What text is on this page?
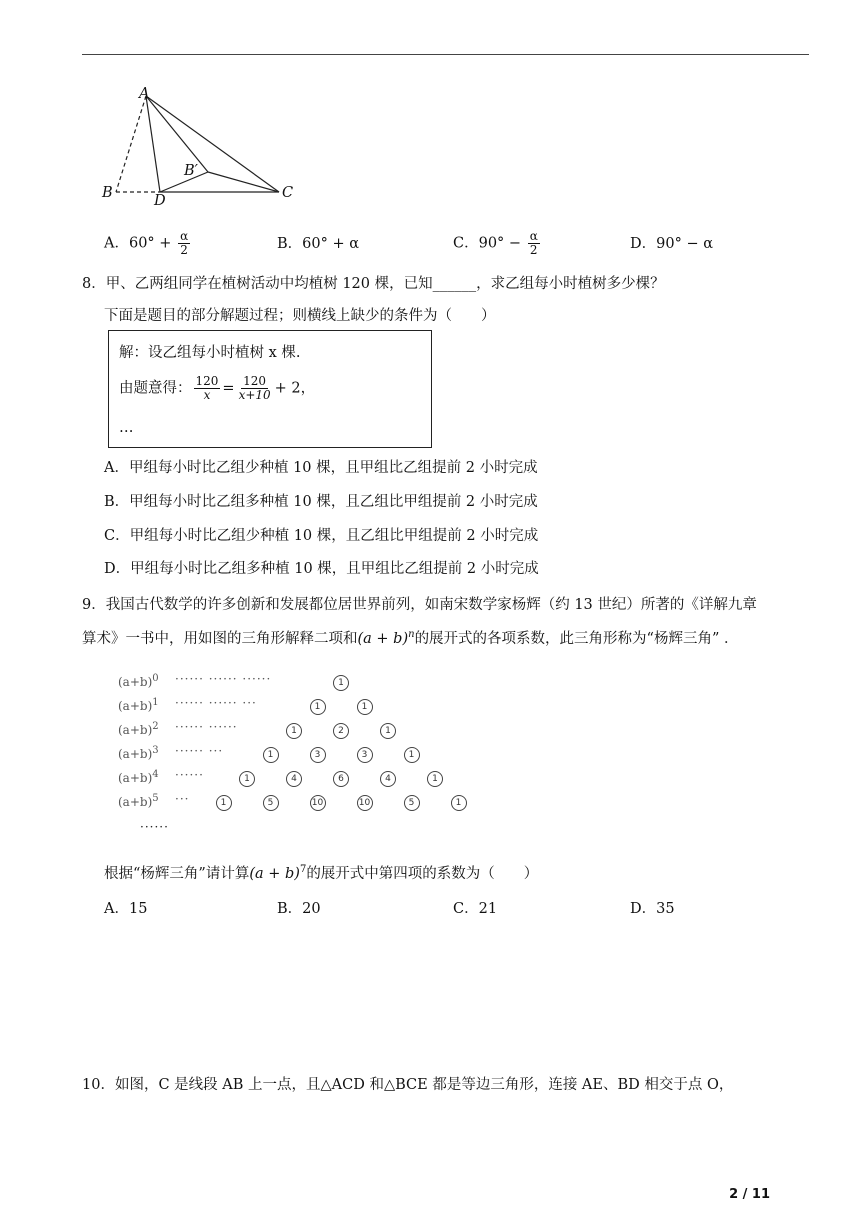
A
B
B′
C
D
A．$60^\circ + \frac{\alpha}{2}$	B．60° + α	C．$90^\circ - \frac{\alpha}{2}$	D．90° − α
8．甲、乙两组同学在植树活动中均植树 120 棵，已知______，求乙组每小时植树多少棵？
下面是题目的部分解题过程；则横线上缺少的条件为（　　）
解：设乙组每小时植树 x 棵.
由题意得： $\frac{120}{x} = \frac{120}{x+10} + 2$，
…
A．甲组每小时比乙组少种植 10 棵，且甲组比乙组提前 2 小时完成
B．甲组每小时比乙组多种植 10 棵，且乙组比甲组提前 2 小时完成
C．甲组每小时比乙组少种植 10 棵，且乙组比甲组提前 2 小时完成
D．甲组每小时比乙组多种植 10 棵，且甲组比乙组提前 2 小时完成
9．我国古代数学的许多创新和发展都位居世界前列，如南宋数学家杨辉（约 13 世纪）所著的《详解九章
算术》一书中，用如图的三角形解释二项和$(a + b)^n$的展开式的各项系数，此三角形称为“杨辉三角” ．
$(a+b)^0$ ······ ······ ······	1
$(a+b)^1$ ······ ······ ···	1	1
$(a+b)^2$ ······ ······	1	2	1
$(a+b)^3$ ······ ···	1	3	3	1
$(a+b)^4$ ······	1	4	6	4	1
$(a+b)^5$ ···	1	5	10	10	5	1
······
根据“杨辉三角”请计算$(a + b)^7$的展开式中第四项的系数为（　　）
A．15	B．20	C．21	D．35
10．如图，C 是线段 AB 上一点，且△ACD 和△BCE 都是等边三角形，连接 AE、BD 相交于点 O，
2 / 11
